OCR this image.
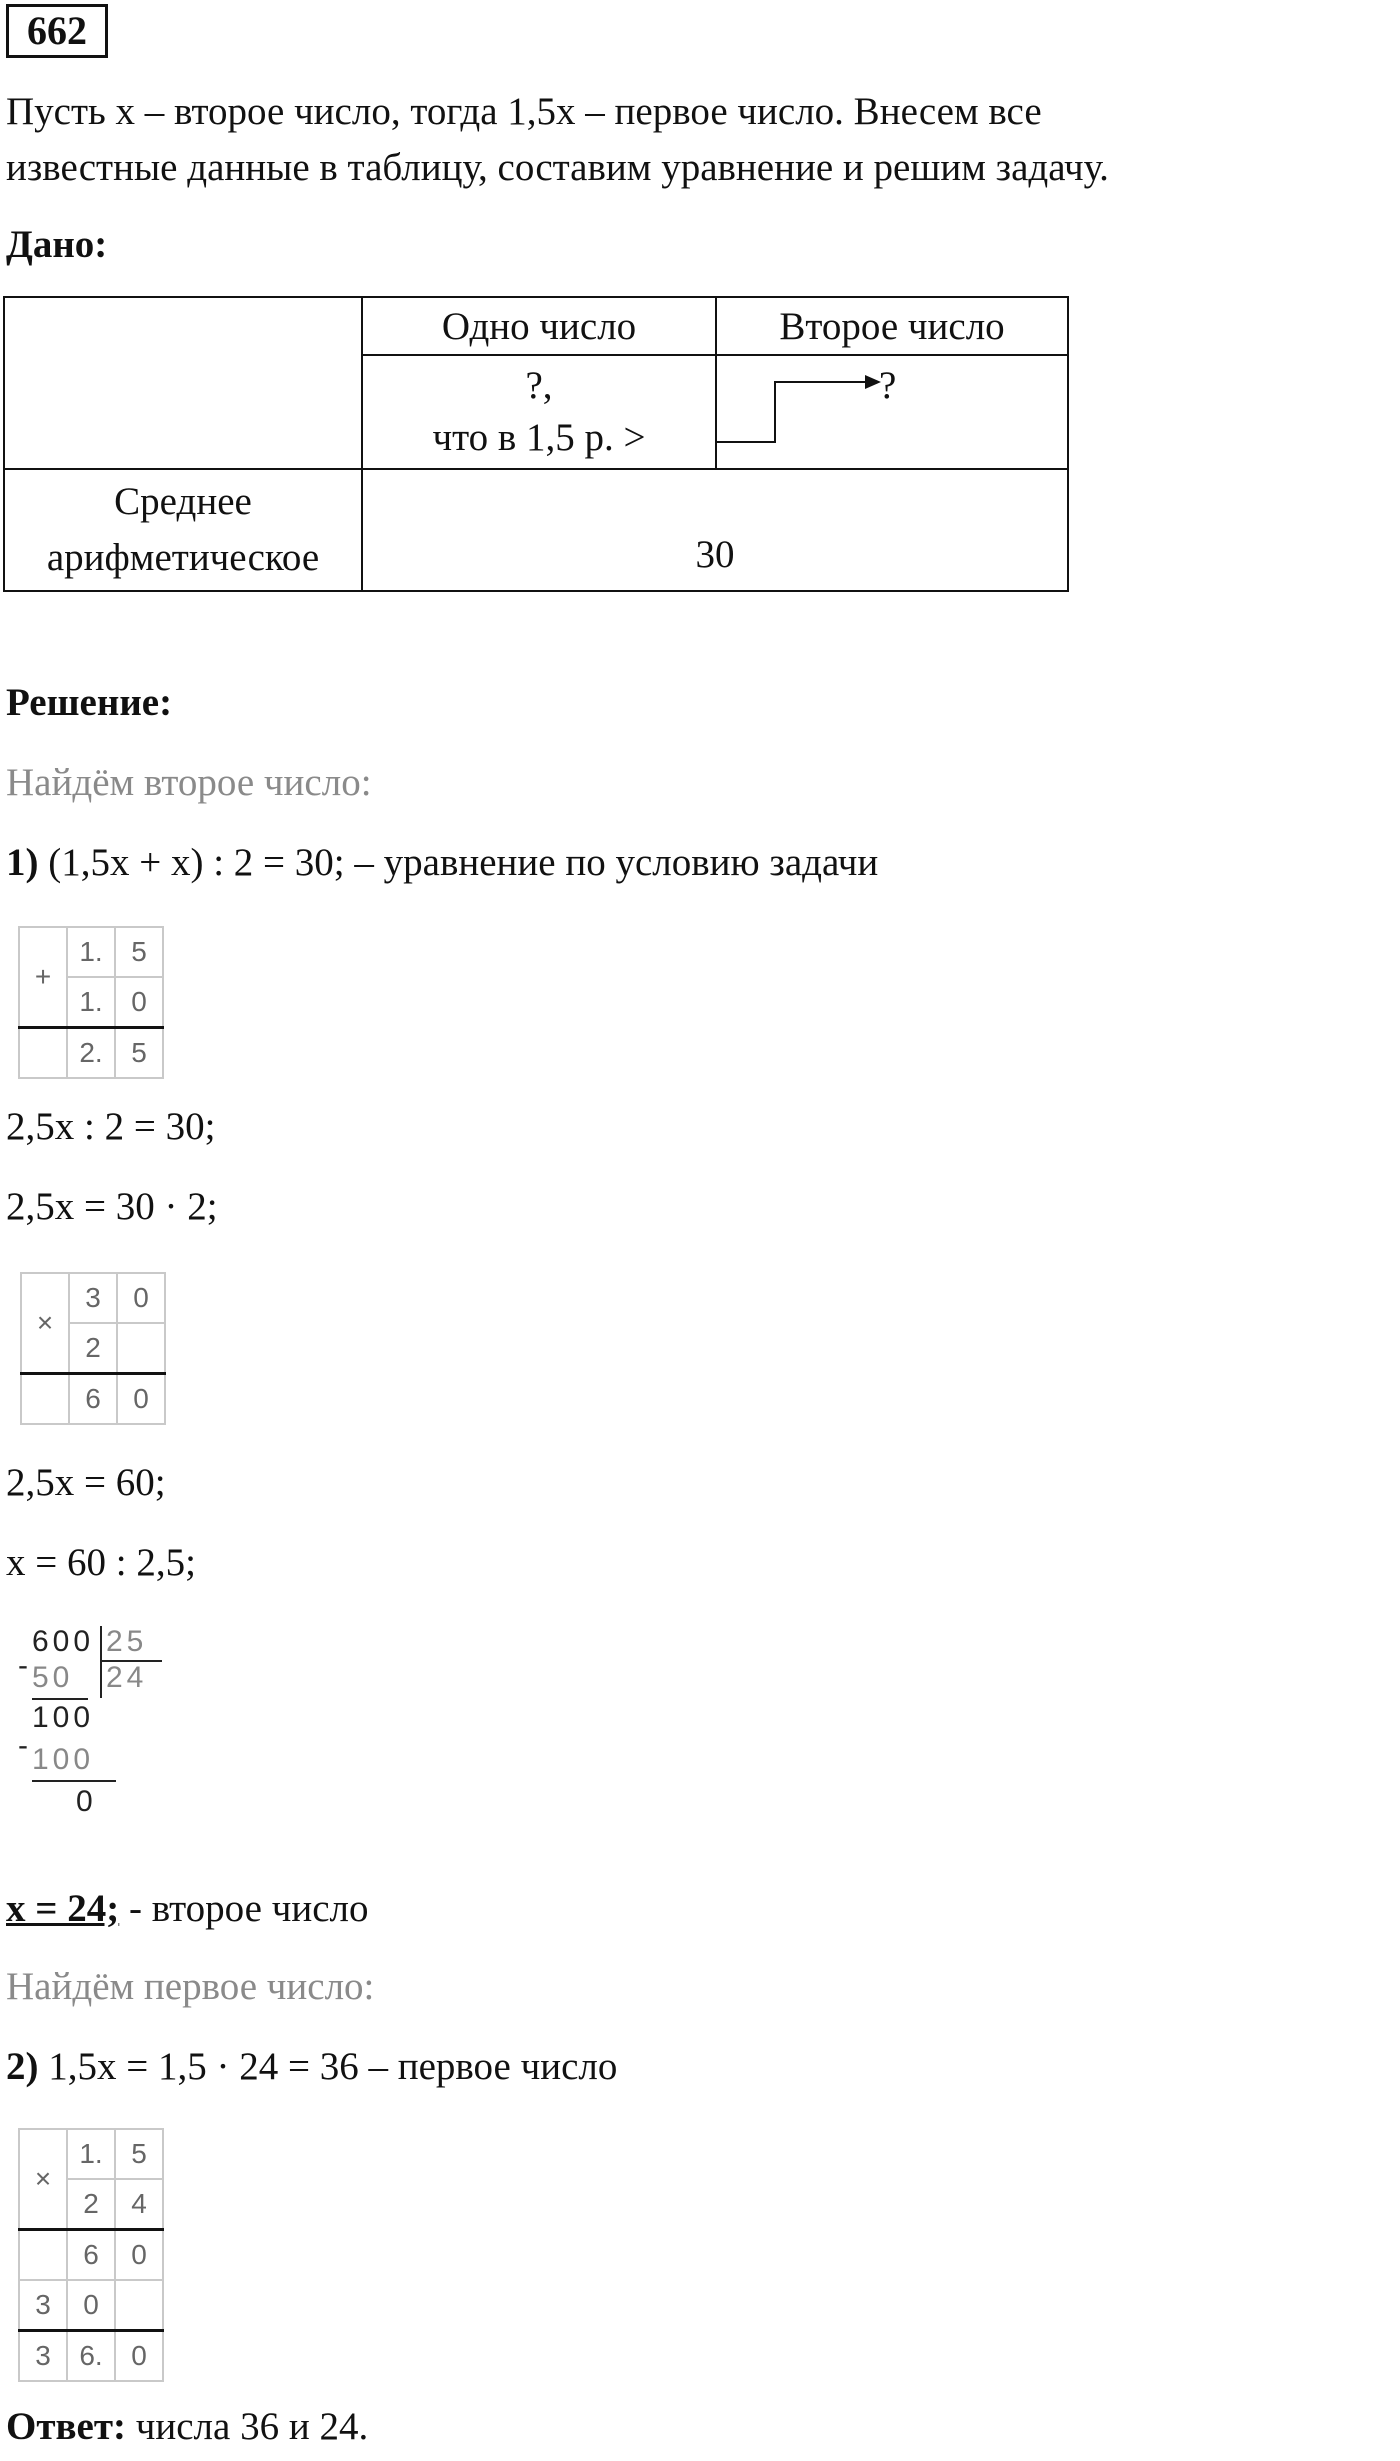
662
Пусть x – второе число, тогда 1,5x – первое число. Внесем все
известные данные в таблицу, составим уравнение и решим задачу.
Дано:
	Одно число	Второе число

	?,
что в 1,5 р. >	?

Среднее
арифметическое	30	
Решение:
Найдём второе число:
1) (1,5x + x) : 2 = 30; – уравнение по условию задачи
+	1.	5
	1.	0
	2.	5
2,5x : 2 = 30;
2,5x = 30 · 2;
×	3	0
	2	
	6	0
2,5x = 60;
x = 60 : 2,5;
600 25
- 50 24
100
- 100
0
x = 24; - второе число
Найдём первое число:
2) 1,5x = 1,5 · 24 = 36 – первое число
×	1.	5
	2	4
	6	0
3	0	
3	6.	0
Ответ: числа 36 и 24.
